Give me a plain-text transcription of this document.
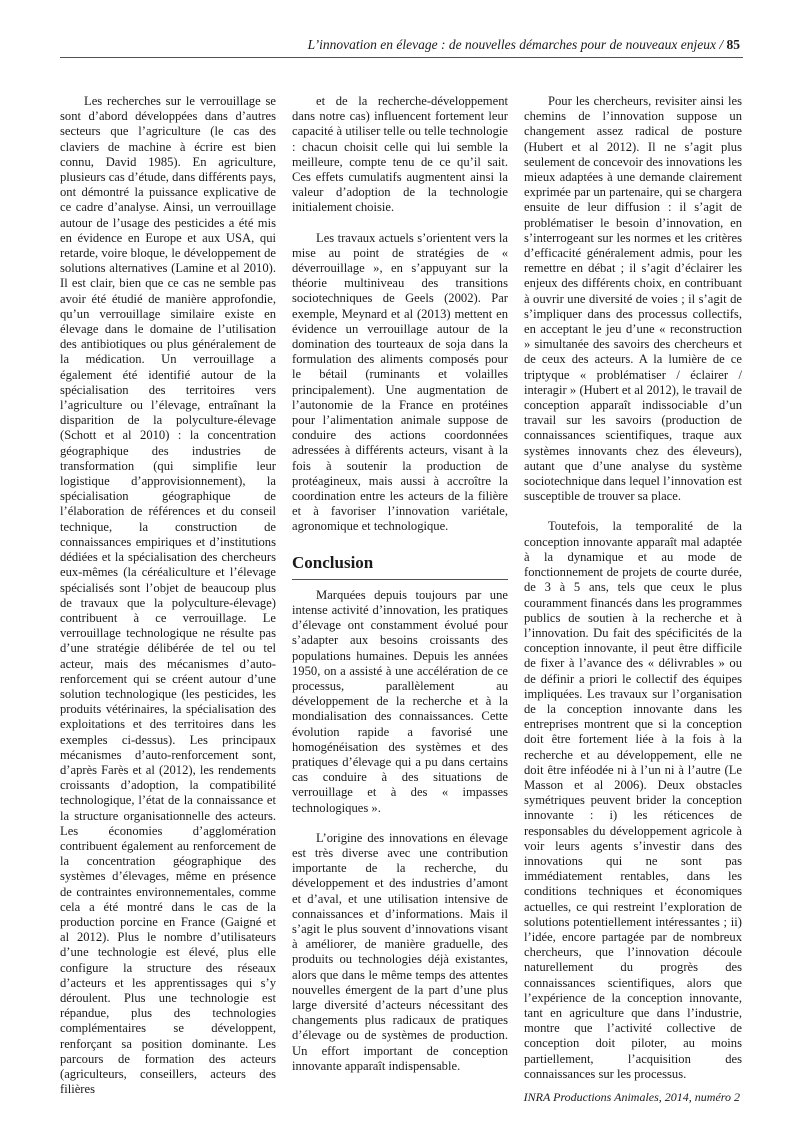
L’innovation en élevage : de nouvelles démarches pour de nouveaux enjeux / 85

Les recherches sur le verrouillage se sont d’abord développées dans d’autres secteurs que l’agriculture (le cas des claviers de machine à écrire est bien connu, David 1985). En agriculture, plusieurs cas d’étude, dans différents pays, ont démontré la puissance explicative de ce cadre d’analyse. Ainsi, un verrouillage autour de l’usage des pesticides a été mis en évidence en Europe et aux USA, qui retarde, voire bloque, le développement de solutions alternatives (Lamine et al 2010). Il est clair, bien que ce cas ne semble pas avoir été étudié de manière approfondie, qu’un verrouillage similaire existe en élevage dans le domaine de l’utilisation des antibiotiques ou plus généralement de la médication. Un verrouillage a également été identifié autour de la spécialisation des territoires vers l’agriculture ou l’élevage, entraînant la disparition de la polyculture-élevage (Schott et al 2010) : la concentration géographique des industries de transformation (qui simplifie leur logistique d’approvisionnement), la spécialisation géographique de l’élaboration de références et du conseil technique, la construction de connaissances empiriques et d’institutions dédiées et la spécialisation des chercheurs eux-mêmes (la céréaliculture et l’élevage spécialisés sont l’objet de beaucoup plus de travaux que la polyculture-élevage) contribuent à ce verrouillage. Le verrouillage technologique ne résulte pas d’une stratégie délibérée de tel ou tel acteur, mais des mécanismes d’auto-renforcement qui se créent autour d’une solution technologique (les pesticides, les produits vétérinaires, la spécialisation des exploitations et des territoires dans les exemples ci-dessus). Les principaux mécanismes d’auto-renforcement sont, d’après Farès et al (2012), les rendements croissants d’adoption, la compatibilité technologique, l’état de la connaissance et la structure organisationnelle des acteurs. Les économies d’agglomération contribuent également au renforcement de la concentration géographique des systèmes d’élevages, même en présence de contraintes environnementales, comme cela a été montré dans le cas de la production porcine en France (Gaigné et al 2012). Plus le nombre d’utilisateurs d’une technologie est élevé, plus elle configure la structure des réseaux d’acteurs et les apprentissages qui s’y déroulent. Plus une technologie est répandue, plus des technologies complémentaires se développent, renforçant sa position dominante. Les parcours de formation des acteurs (agriculteurs, conseillers, acteurs des filières

et de la recherche-développement dans notre cas) influencent fortement leur capacité à utiliser telle ou telle technologie : chacun choisit celle qui lui semble la meilleure, compte tenu de ce qu’il sait. Ces effets cumulatifs augmentent ainsi la valeur d’adoption de la technologie initialement choisie.

Les travaux actuels s’orientent vers la mise au point de stratégies de « déverrouillage », en s’appuyant sur la théorie multiniveau des transitions sociotechniques de Geels (2002). Par exemple, Meynard et al (2013) mettent en évidence un verrouillage autour de la domination des tourteaux de soja dans la formulation des aliments composés pour le bétail (ruminants et volailles principalement). Une augmentation de l’autonomie de la France en protéines pour l’alimentation animale suppose de conduire des actions coordonnées adressées à différents acteurs, visant à la fois à soutenir la production de protéagineux, mais aussi à accroître la coordination entre les acteurs de la filière et à favoriser l’innovation variétale, agronomique et technologique.

Conclusion

Marquées depuis toujours par une intense activité d’innovation, les pratiques d’élevage ont constamment évolué pour s’adapter aux besoins croissants des populations humaines. Depuis les années 1950, on a assisté à une accélération de ce processus, parallèlement au développement de la recherche et à la mondialisation des connaissances. Cette évolution rapide a favorisé une homogénéisation des systèmes et des pratiques d’élevage qui a pu dans certains cas conduire à des situations de verrouillage et à des « impasses technologiques ».

L’origine des innovations en élevage est très diverse avec une contribution importante de la recherche, du développement et des industries d’amont et d’aval, et une utilisation intensive de connaissances et d’informations. Mais il s’agit le plus souvent d’innovations visant à améliorer, de manière graduelle, des produits ou technologies déjà existantes, alors que dans le même temps des attentes nouvelles émergent de la part d’une plus large diversité d’acteurs nécessitant des changements plus radicaux de pratiques d’élevage ou de systèmes de production. Un effort important de conception innovante apparaît indispensable.

Pour les chercheurs, revisiter ainsi les chemins de l’innovation suppose un changement assez radical de posture (Hubert et al 2012). Il ne s’agit plus seulement de concevoir des innovations les mieux adaptées à une demande clairement exprimée par un partenaire, qui se chargera ensuite de leur diffusion : il s’agit de problématiser le besoin d’innovation, en s’interrogeant sur les normes et les critères d’efficacité généralement admis, pour les remettre en débat ; il s’agit d’éclairer les enjeux des différents choix, en contribuant à ouvrir une diversité de voies ; il s’agit de s’impliquer dans des processus collectifs, en acceptant le jeu d’une « reconstruction » simultanée des savoirs des chercheurs et de ceux des acteurs. A la lumière de ce triptyque « problématiser / éclairer / interagir » (Hubert et al 2012), le travail de conception apparaît indissociable d’un travail sur les savoirs (production de connaissances scientifiques, traque aux systèmes innovants chez des éleveurs), autant que d’une analyse du système sociotechnique dans lequel l’innovation est susceptible de trouver sa place.

Toutefois, la temporalité de la conception innovante apparaît mal adaptée à la dynamique et au mode de fonctionnement de projets de courte durée, de 3 à 5 ans, tels que ceux le plus couramment financés dans les programmes publics de soutien à la recherche et à l’innovation. Du fait des spécificités de la conception innovante, il peut être difficile de fixer à l’avance des « délivrables » ou de définir a priori le collectif des équipes impliquées. Les travaux sur l’organisation de la conception innovante dans les entreprises montrent que si la conception doit être fortement liée à la fois à la recherche et au développement, elle ne doit être inféodée ni à l’un ni à l’autre (Le Masson et al 2006). Deux obstacles symétriques peuvent brider la conception innovante : i) les réticences de responsables du développement agricole à voir leurs agents s’investir dans des innovations qui ne sont pas immédiatement rentables, dans les conditions techniques et économiques actuelles, ce qui restreint l’exploration de solutions potentiellement intéressantes ; ii) l’idée, encore partagée par de nombreux chercheurs, que l’innovation découle naturellement du progrès des connaissances scientifiques, alors que l’expérience de la conception innovante, tant en agriculture que dans l’industrie, montre que l’activité collective de conception doit piloter, au moins partiellement, l’acquisition des connaissances sur les processus.

INRA Productions Animales, 2014, numéro 2
